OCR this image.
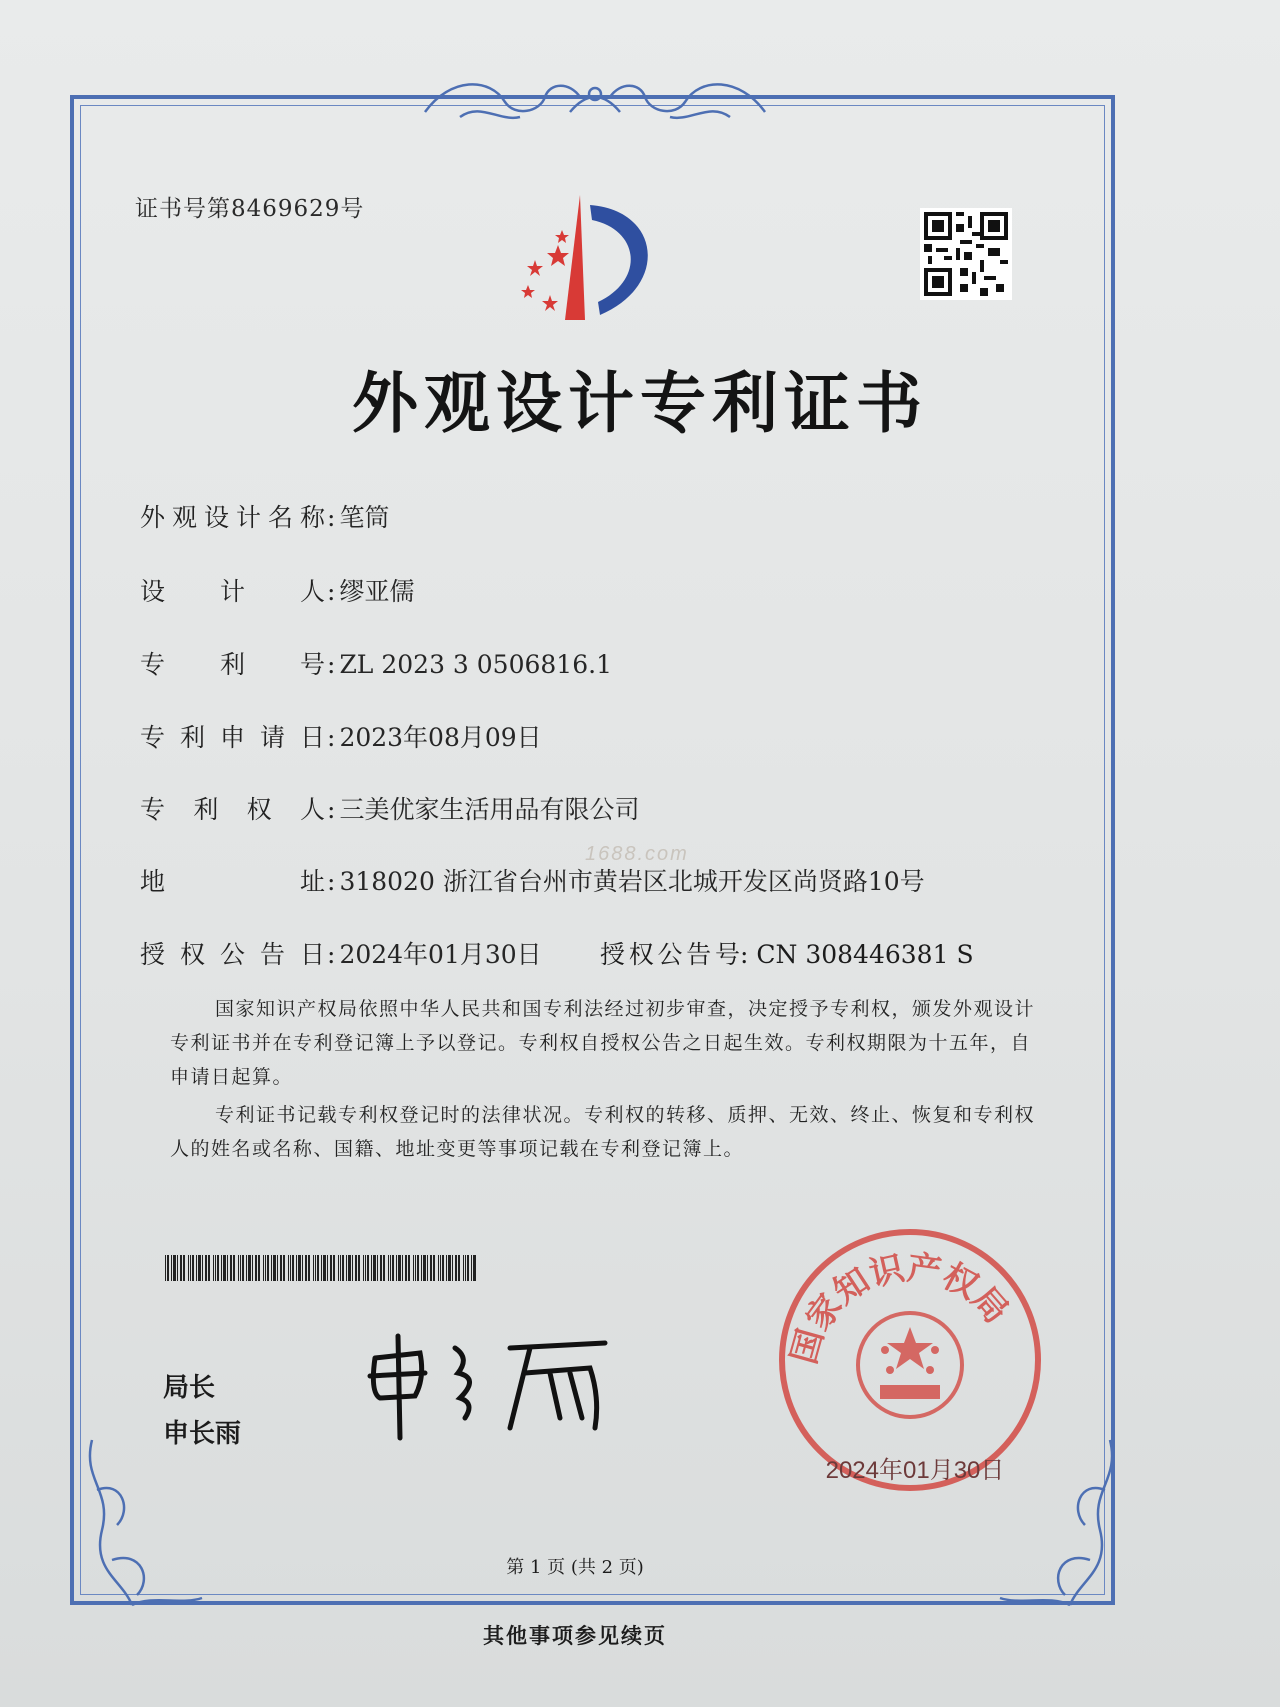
证书号第8469629号
外观设计专利证书
外观设计名称 : 笔筒
设计人 : 缪亚儒
专利号 : ZL 2023 3 0506816.1
专利申请日 : 2023年08月09日
专利权人 : 三美优家生活用品有限公司
1688.com
地址 : 318020 浙江省台州市黄岩区北城开发区尚贤路10号
授权公告日 : 2024年01月30日 授权公告号: CN 308446381 S
国家知识产权局依照中华人民共和国专利法经过初步审查，决定授予专利权，颁发外观设计专利证书并在专利登记簿上予以登记。专利权自授权公告之日起生效。专利权期限为十五年，自申请日起算。
专利证书记载专利权登记时的法律状况。专利权的转移、质押、无效、终止、恢复和专利权人的姓名或名称、国籍、地址变更等事项记载在专利登记簿上。
局长
申长雨
国家知识产权局
2024年01月30日
第 1 页 (共 2 页)
其他事项参见续页
